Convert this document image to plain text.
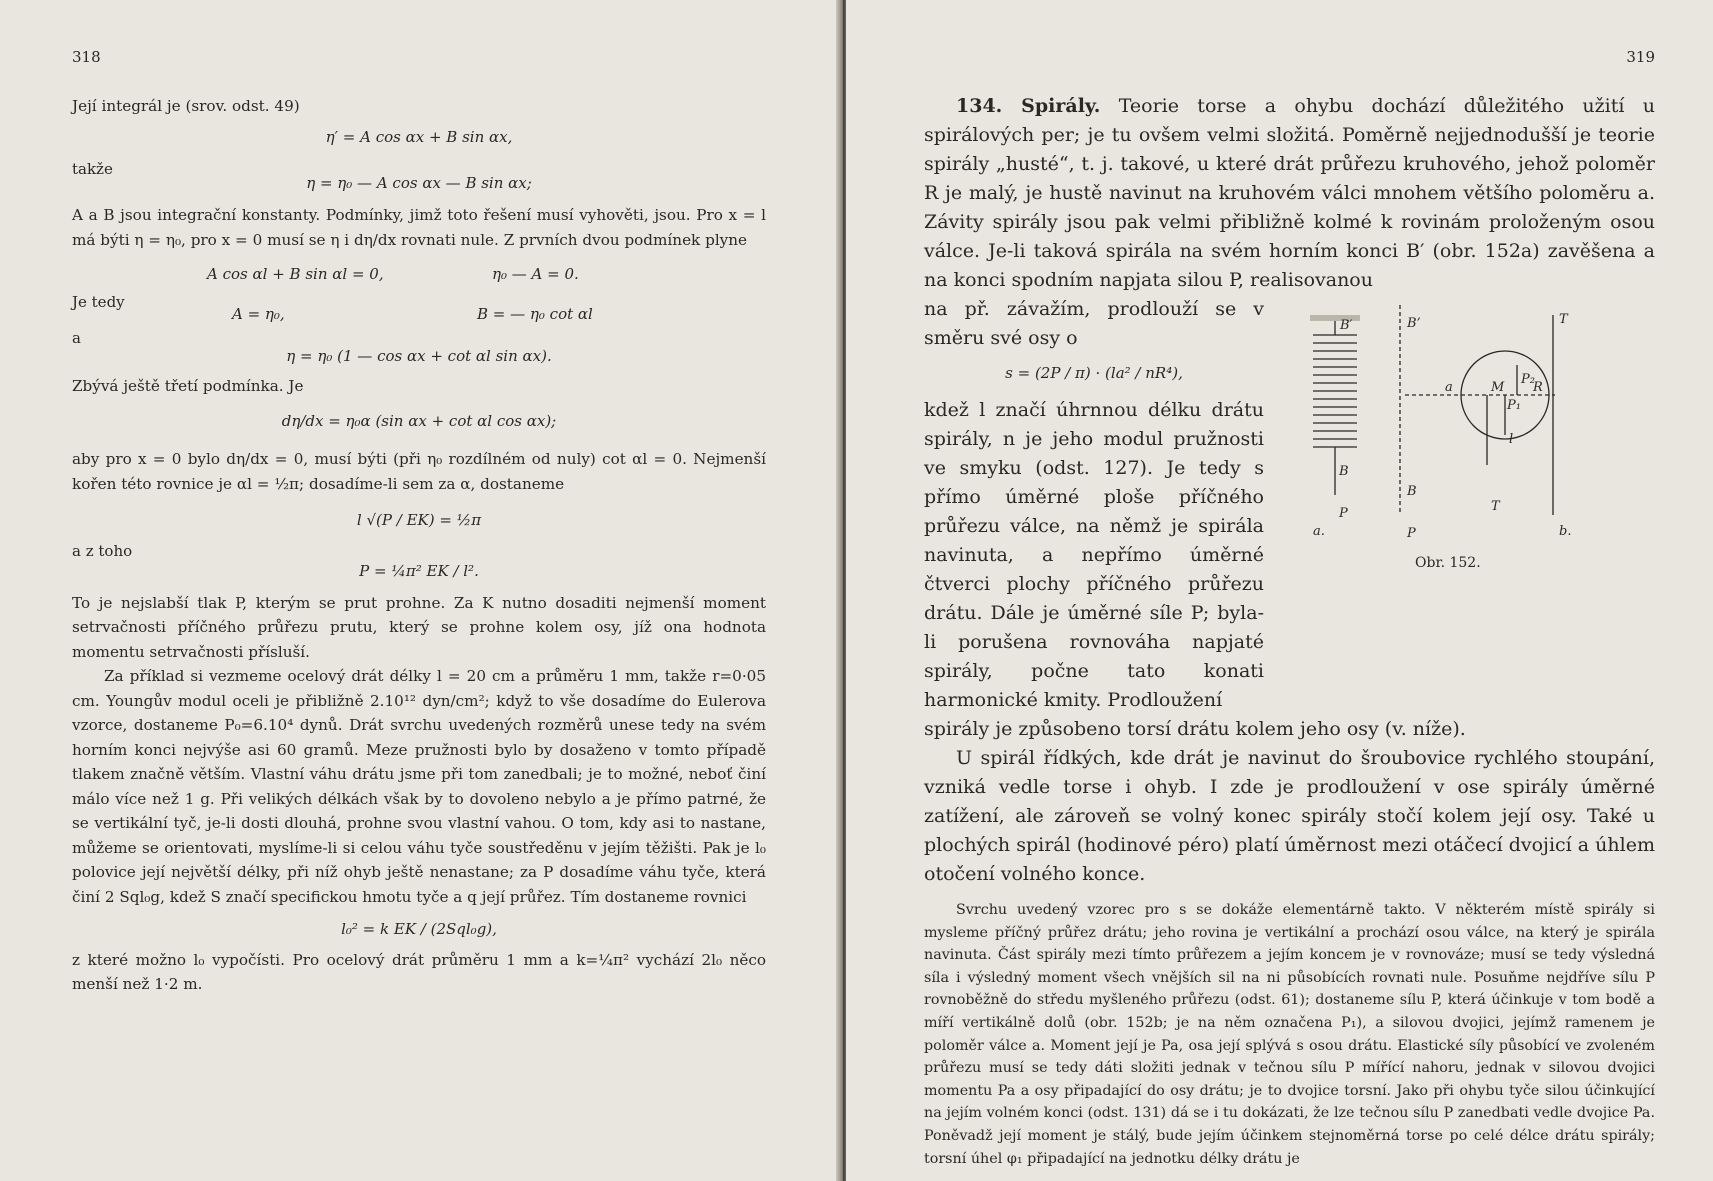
318

Její integrál je (srov. odst. 49)

η′ = A cos αx + B sin αx,
takže
η = η₀ — A cos αx — B sin αx;

A a B jsou integrační konstanty. Podmínky, jimž toto řešení musí vyhověti, jsou. Pro x = l má býti η = η₀, pro x = 0 musí se η i dη/dx rovnati nule. Z prvních dvou podmínek plyne

A cos αl + B sin αl = 0,	η₀ — A = 0.
Je tedy
A = η₀,	B = — η₀ cot αl
a
η = η₀ (1 — cos αx + cot αl sin αx).

Zbývá ještě třetí podmínka. Je

dη/dx = η₀α (sin αx + cot αl cos αx);

aby pro x = 0 bylo dη/dx = 0, musí býti (při η₀ rozdílném od nuly) cot αl = 0. Nejmenší kořen této rovnice je αl = ½π; dosadíme-li sem za α, dostaneme

l √(P / EK) = ½π
a z toho
P = ¼π² EK / l².

To je nejslabší tlak P, kterým se prut prohne. Za K nutno dosaditi nejmenší moment setrvačnosti příčného průřezu prutu, který se prohne kolem osy, jíž ona hodnota momentu setrvačnosti přísluší.

Za příklad si vezmeme ocelový drát délky l = 20 cm a průměru 1 mm, takže r=0·05 cm. Youngův modul oceli je přibližně 2.10¹² dyn/cm²; když to vše dosadíme do Eulerova vzorce, dostaneme P₀=6.10⁴ dynů. Drát svrchu uvedených rozměrů unese tedy na svém horním konci nejvýše asi 60 gramů. Meze pružnosti bylo by dosaženo v tomto případě tlakem značně větším. Vlastní váhu drátu jsme při tom zanedbali; je to možné, neboť činí málo více než 1 g. Při velikých délkách však by to dovoleno nebylo a je přímo patrné, že se vertikální tyč, je-li dosti dlouhá, prohne svou vlastní vahou. O tom, kdy asi to nastane, můžeme se orientovati, myslíme-li si celou váhu tyče soustředěnu v jejím těžišti. Pak je l₀ polovice její největší délky, při níž ohyb ještě nenastane; za P dosadíme váhu tyče, která činí 2 Sql₀g, kdež S značí specifickou hmotu tyče a q její průřez. Tím dostaneme rovnici

l₀² = k EK / (2Sql₀g),

z které možno l₀ vypočísti. Pro ocelový drát průměru 1 mm a k=¼π² vychází 2l₀ něco menší než 1·2 m.

319

134. Spirály. Teorie torse a ohybu dochází důležitého užití u spirálových per; je tu ovšem velmi složitá. Poměrně nejjednodušší je teorie spirály „husté“, t. j. takové, u které drát průřezu kruhového, jehož poloměr R je malý, je hustě navinut na kruhovém válci mnohem většího poloměru a. Závity spirály jsou pak velmi přibližně kolmé k rovinám proloženým osou válce. Je-li taková spirála na svém horním konci B′ (obr. 152a) zavěšena a na konci spodním napjata silou P, realisovanou

na př. závažím, prodlouží se v směru své osy o

s = (2P / π) · (la² / nR⁴),

kdež l značí úhrnnou délku drátu spirály, n je jeho modul pružnosti ve smyku (odst. 127). Je tedy s přímo úměrné ploše příčného průřezu válce, na němž je spirála navinuta, a nepřímo úměrné čtverci plochy příčného průřezu drátu. Dále je úměrné síle P; byla-li porušena rovnováha napjaté spirály, počne tato konati harmonické kmity. Prodloužení

spirály je způsobeno torsí drátu kolem jeho osy (v. níže).

U spirál řídkých, kde drát je navinut do šroubovice rychlého stoupání, vzniká vedle torse i ohyb. I zde je prodloužení v ose spirály úměrné zatížení, ale zároveň se volný konec spirály stočí kolem její osy. Také u plochých spirál (hodinové péro) platí úměrnost mezi otáčecí dvojicí a úhlem otočení volného konce.

Svrchu uvedený vzorec pro s se dokáže elementárně takto. V některém místě spirály si mysleme příčný průřez drátu; jeho rovina je vertikální a prochází osou válce, na který je spirála navinuta. Část spirály mezi tímto průřezem a jejím koncem je v rovnováze; musí se tedy výsledná síla i výsledný moment všech vnějších sil na ni působících rovnati nule. Posuňme nejdříve sílu P rovnoběžně do středu myšleného průřezu (odst. 61); dostaneme sílu P, která účinkuje v tom bodě a míří vertikálně dolů (obr. 152b; je na něm označena P₁), a silovou dvojici, jejímž ramenem je poloměr válce a. Moment její je Pa, osa její splývá s osou drátu. Elastické síly působící ve zvoleném průřezu musí se tedy dáti složiti jednak v tečnou sílu P mířící nahoru, jednak v silovou dvojici momentu Pa a osy připadající do osy drátu; je to dvojice torsní. Jako při ohybu tyče silou účinkující na jejím volném konci (odst. 131) dá se i tu dokázati, že lze tečnou sílu P zanedbati vedle dvojice Pa. Poněvadž její moment je stálý, bude jejím účinkem stejnoměrná torse po celé délce drátu spirály; torsní úhel φ₁ připadající na jednotku délky drátu je

B′	B’
B
B
P
P
T
T
a	R
P₂
P₁
M
l
a.	b.
Obr. 152.
